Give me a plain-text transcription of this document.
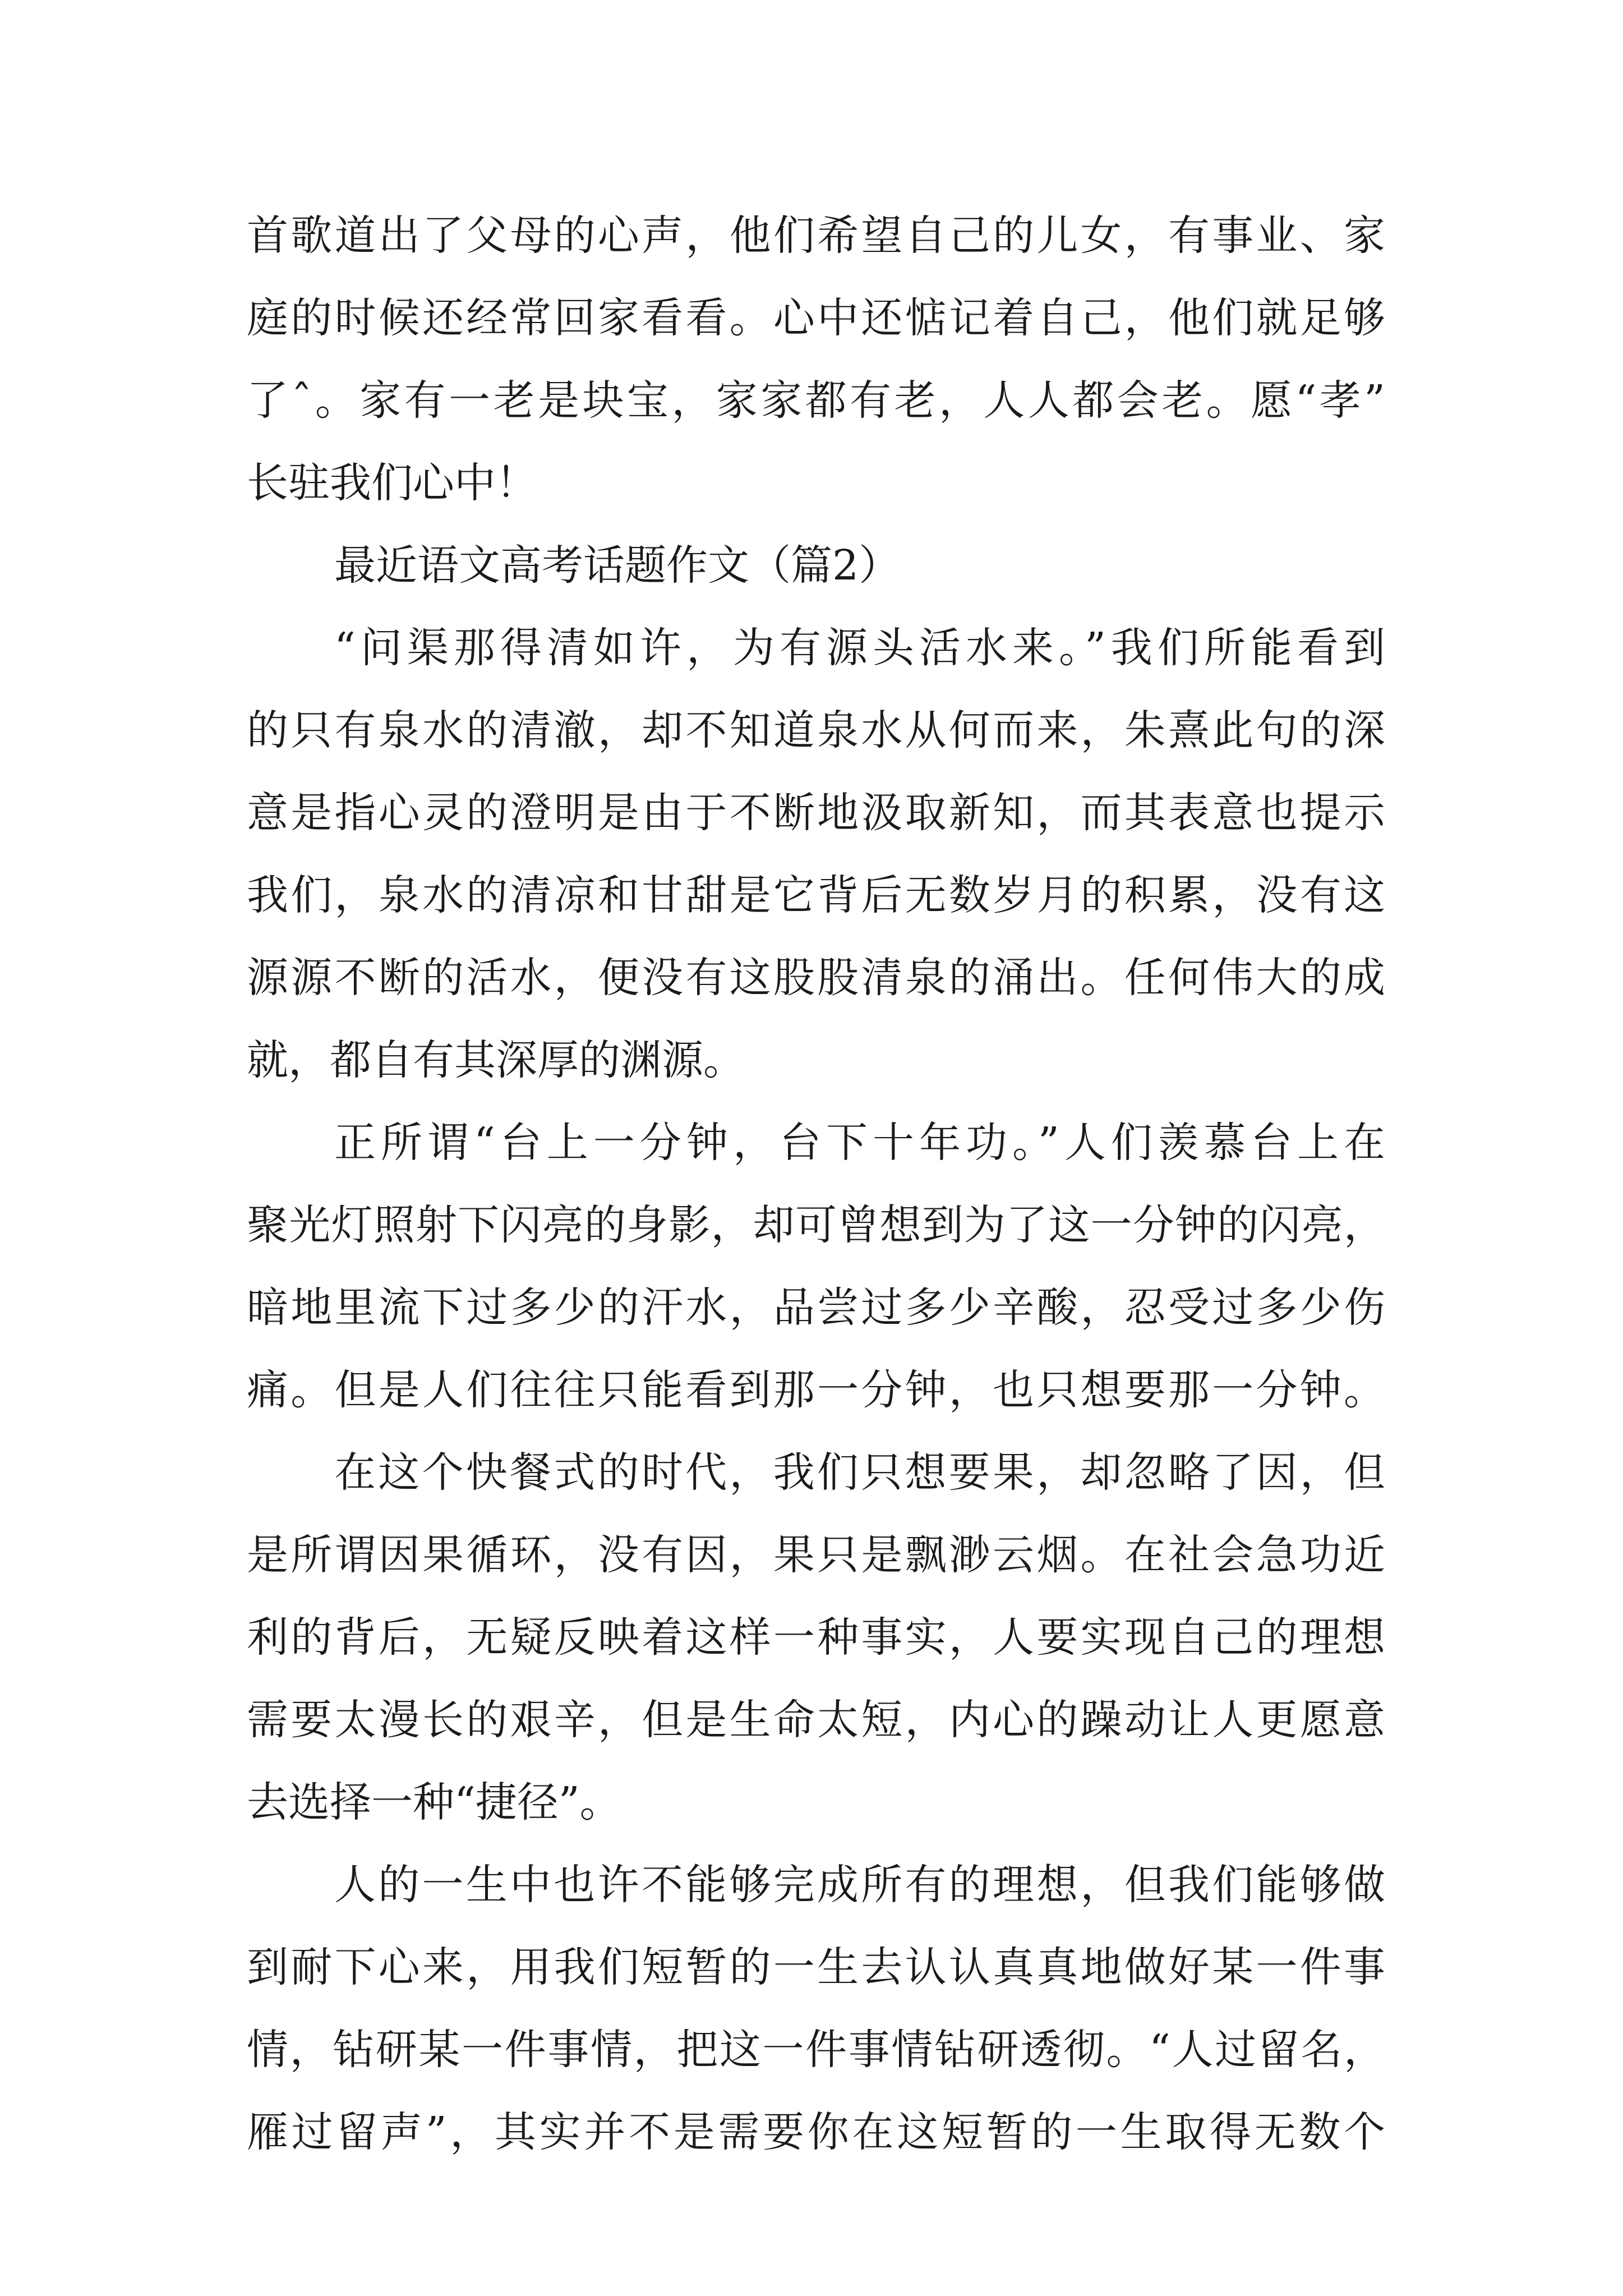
首歌道出了父母的心声，他们希望自己的儿女，有事业、家
庭的时候还经常回家看看。心中还惦记着自己，他们就足够
了ˆ。家有一老是块宝，家家都有老，人人都会老。愿“孝”
长驻我们心中！
最近语文高考话题作文（篇2）
“问渠那得清如许，为有源头活水来。”我们所能看到
的只有泉水的清澈，却不知道泉水从何而来，朱熹此句的深
意是指心灵的澄明是由于不断地汲取新知，而其表意也提示
我们，泉水的清凉和甘甜是它背后无数岁月的积累，没有这
源源不断的活水，便没有这股股清泉的涌出。任何伟大的成
就，都自有其深厚的渊源。
正所谓“台上一分钟，台下十年功。”人们羡慕台上在
聚光灯照射下闪亮的身影，却可曾想到为了这一分钟的闪亮，
暗地里流下过多少的汗水，品尝过多少辛酸，忍受过多少伤
痛。但是人们往往只能看到那一分钟，也只想要那一分钟。
在这个快餐式的时代，我们只想要果，却忽略了因，但
是所谓因果循环，没有因，果只是飘渺云烟。在社会急功近
利的背后，无疑反映着这样一种事实，人要实现自己的理想
需要太漫长的艰辛，但是生命太短，内心的躁动让人更愿意
去选择一种“捷径”。
人的一生中也许不能够完成所有的理想，但我们能够做
到耐下心来，用我们短暂的一生去认认真真地做好某一件事
情，钻研某一件事情，把这一件事情钻研透彻。“人过留名，
雁过留声”，其实并不是需要你在这短暂的一生取得无数个
